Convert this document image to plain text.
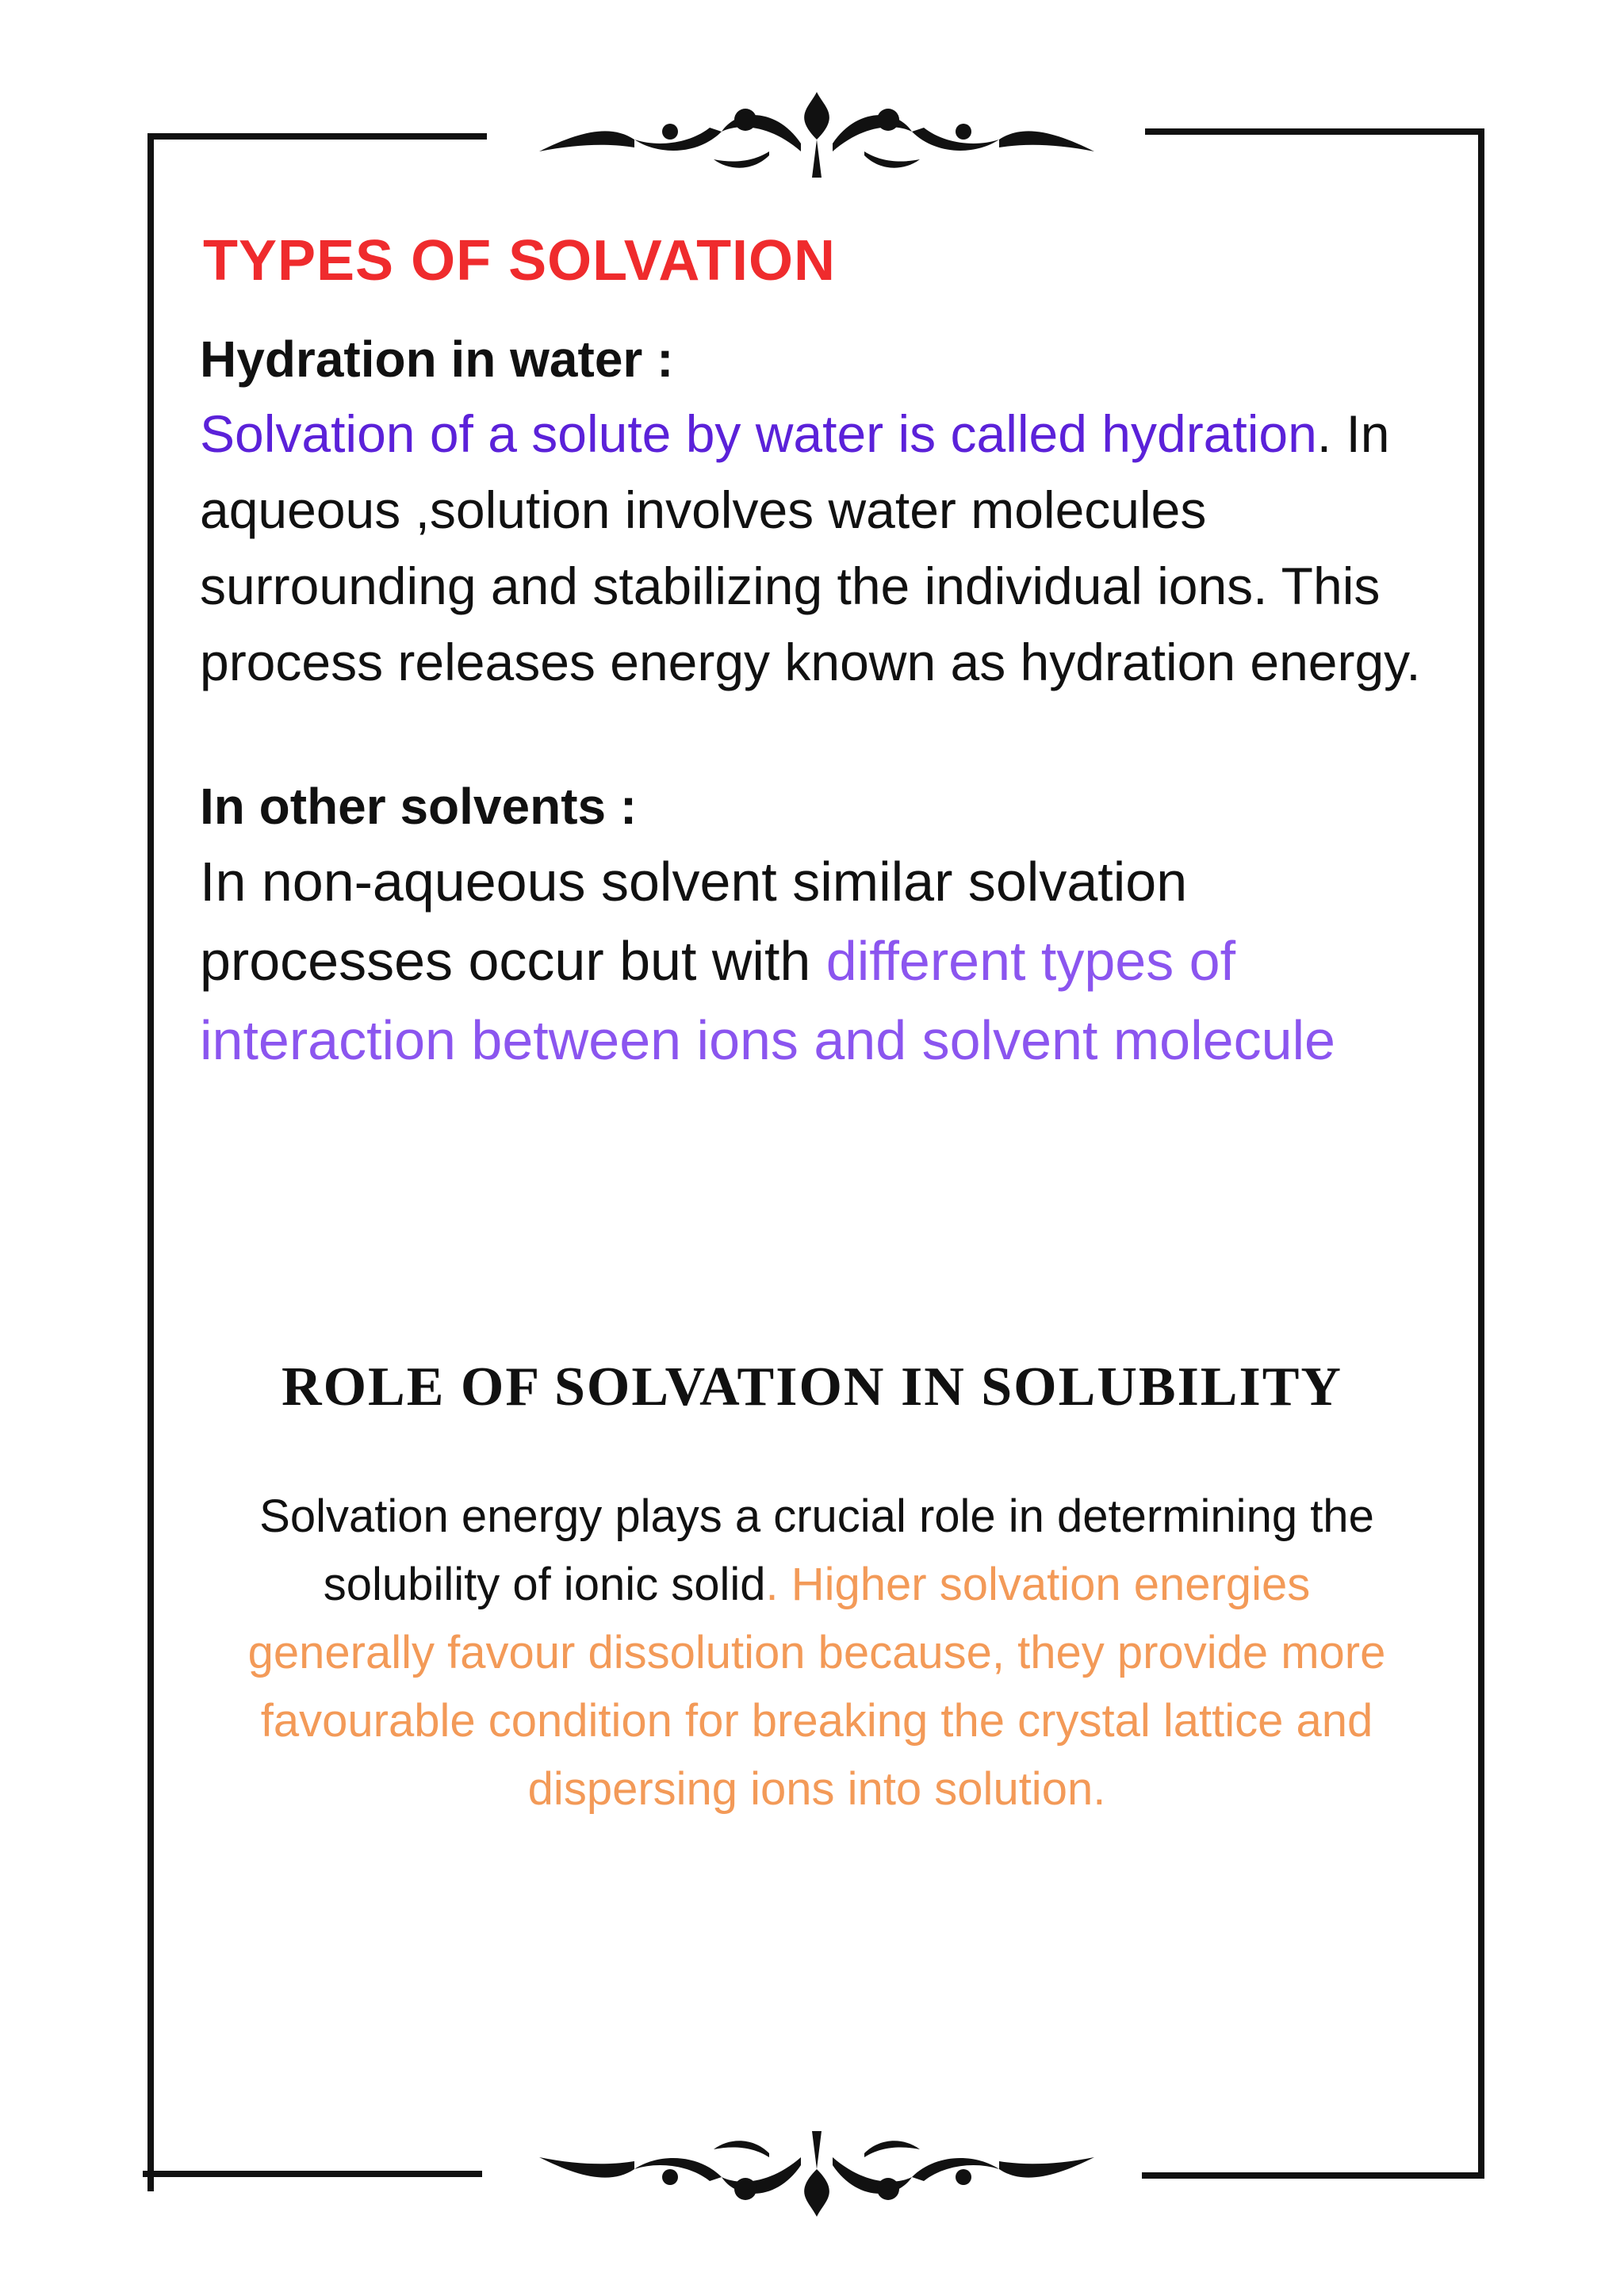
TYPES OF SOLVATION
Hydration in water :

Solvation of a solute by water is called hydration. In aqueous ,solution involves water molecules surrounding and stabilizing the individual ions. This process releases energy known as hydration energy.

In other solvents :

In non-aqueous solvent similar solvation processes occur but with different types of interaction between ions and solvent molecule

ROLE OF SOLVATION IN SOLUBILITY

Solvation energy plays a crucial role in determining the solubility of ionic solid. Higher solvation energies generally favour dissolution because, they provide more favourable condition for breaking the crystal lattice and dispersing ions into solution.
